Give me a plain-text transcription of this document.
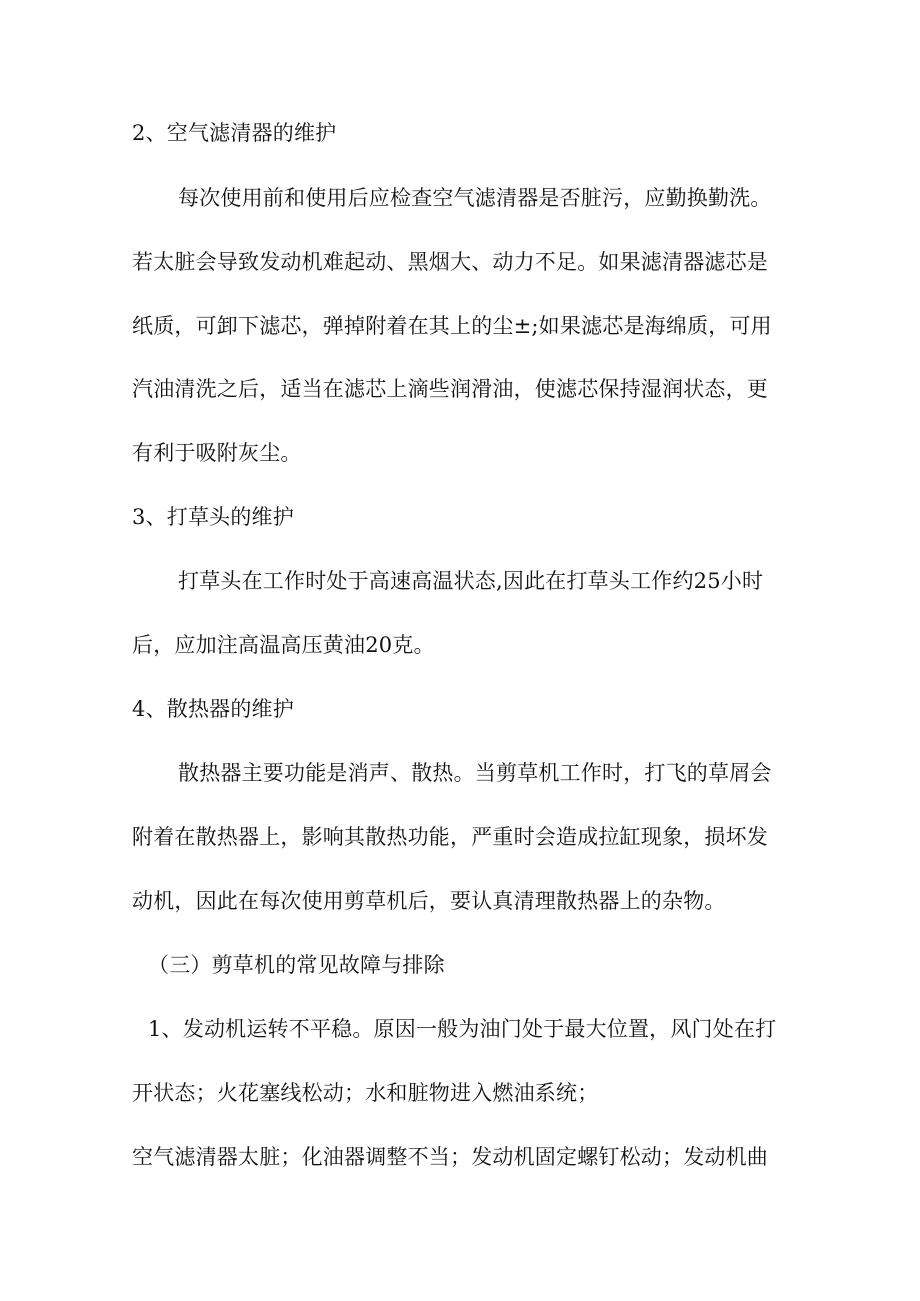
2、空气滤清器的维护
每次使用前和使用后应检查空气滤清器是否脏污，应勤换勤洗。
若太脏会导致发动机难起动、黑烟大、动力不足。如果滤清器滤芯是
纸质，可卸下滤芯，弹掉附着在其上的尘±;如果滤芯是海绵质，可用
汽油清洗之后，适当在滤芯上滴些润滑油，使滤芯保持湿润状态，更
有利于吸附灰尘。
3、打草头的维护
打草头在工作时处于高速高温状态,因此在打草头工作约25小时
后，应加注高温高压黄油20克。
4、散热器的维护
散热器主要功能是消声、散热。当剪草机工作时，打飞的草屑会
附着在散热器上，影响其散热功能，严重时会造成拉缸现象，损坏发
动机，因此在每次使用剪草机后，要认真清理散热器上的杂物。
（三）剪草机的常见故障与排除
1、发动机运转不平稳。原因一般为油门处于最大位置，风门处在打
开状态；火花塞线松动；水和脏物进入燃油系统；
空气滤清器太脏；化油器调整不当；发动机固定螺钉松动；发动机曲
